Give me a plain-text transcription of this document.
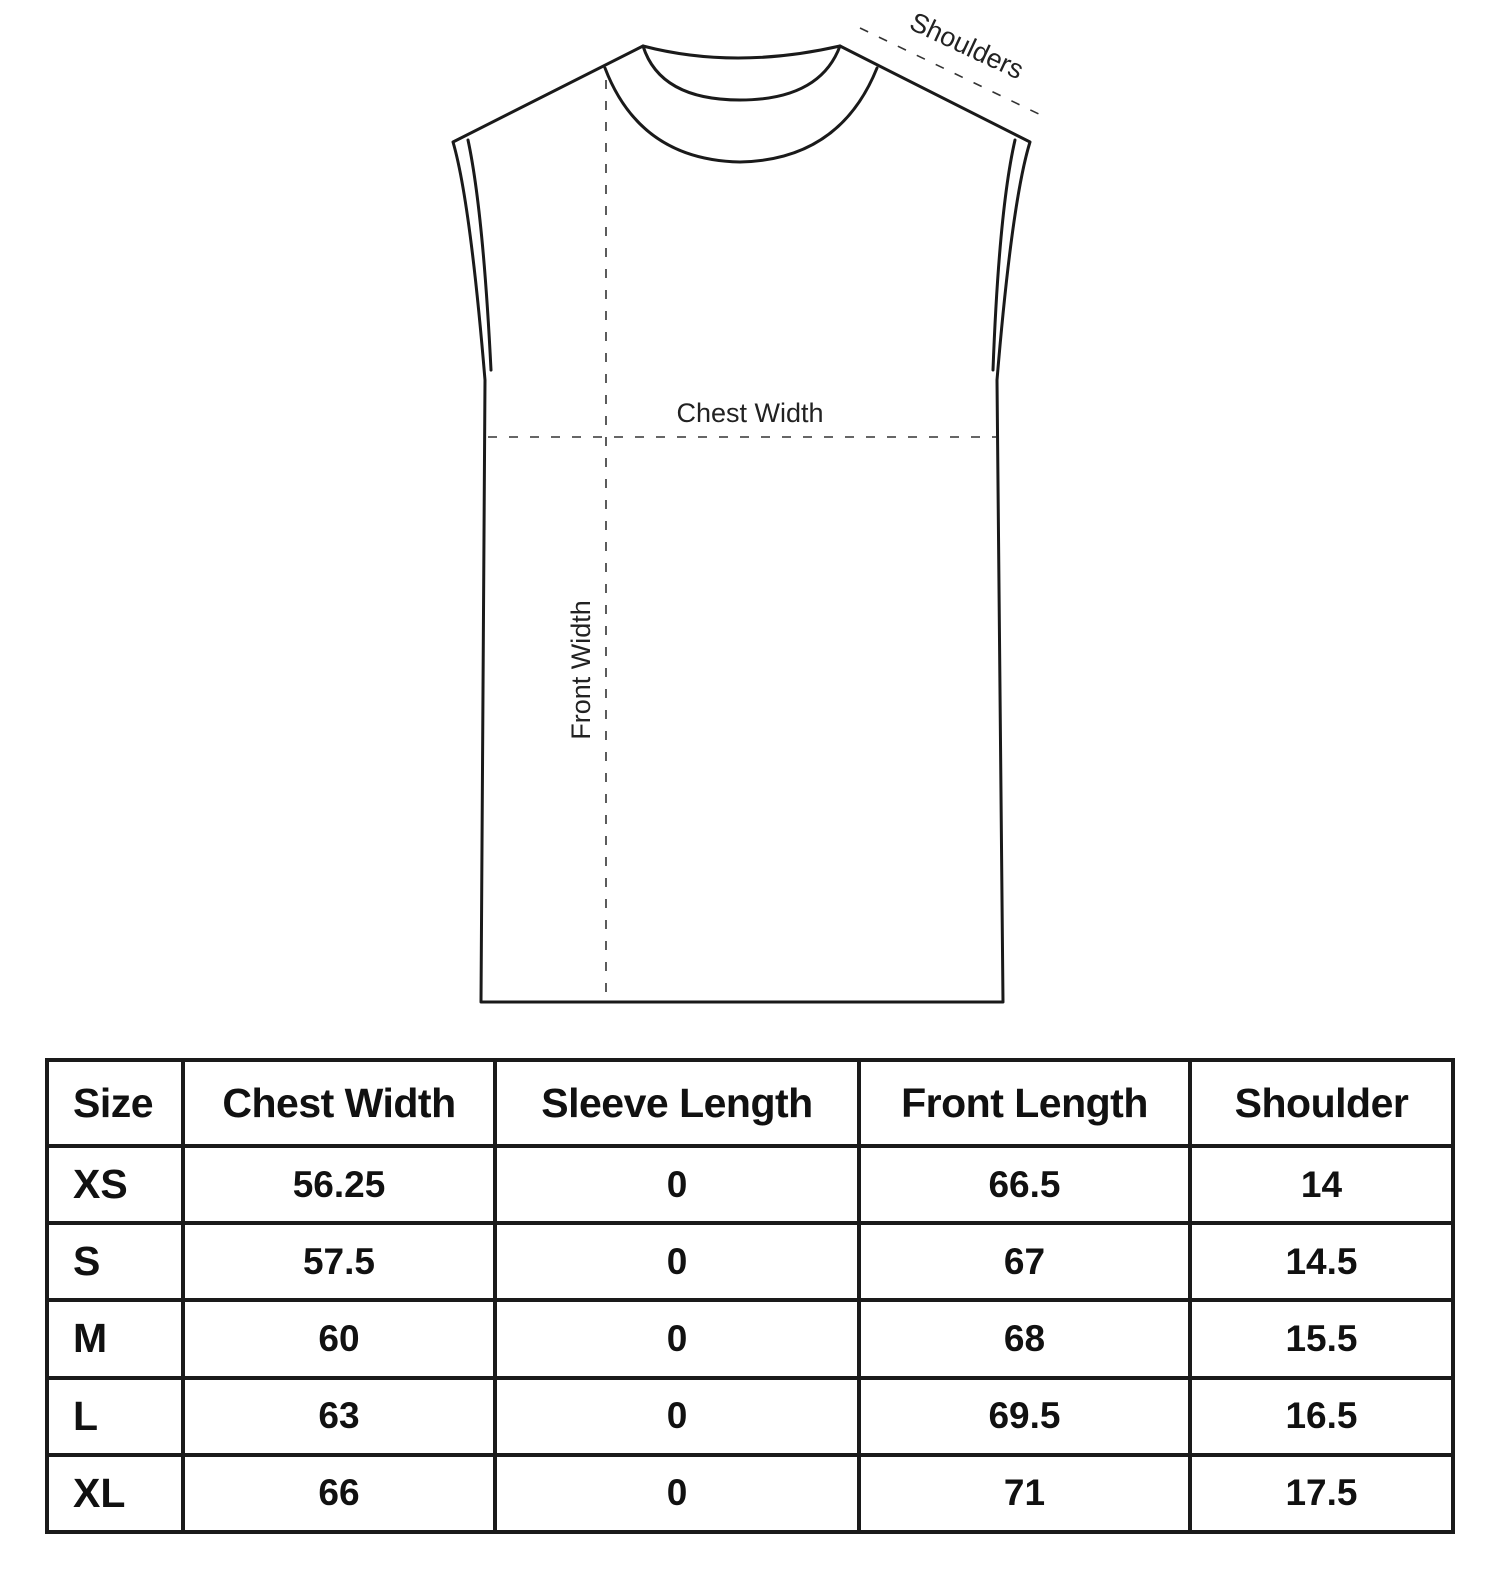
Shoulders
Chest Width
Front Width
Size	Chest Width	Sleeve Length	Front Length	Shoulder
XS	56.25	0	66.5	14
S	57.5	0	67	14.5
M	60	0	68	15.5
L	63	0	69.5	16.5
XL	66	0	71	17.5
